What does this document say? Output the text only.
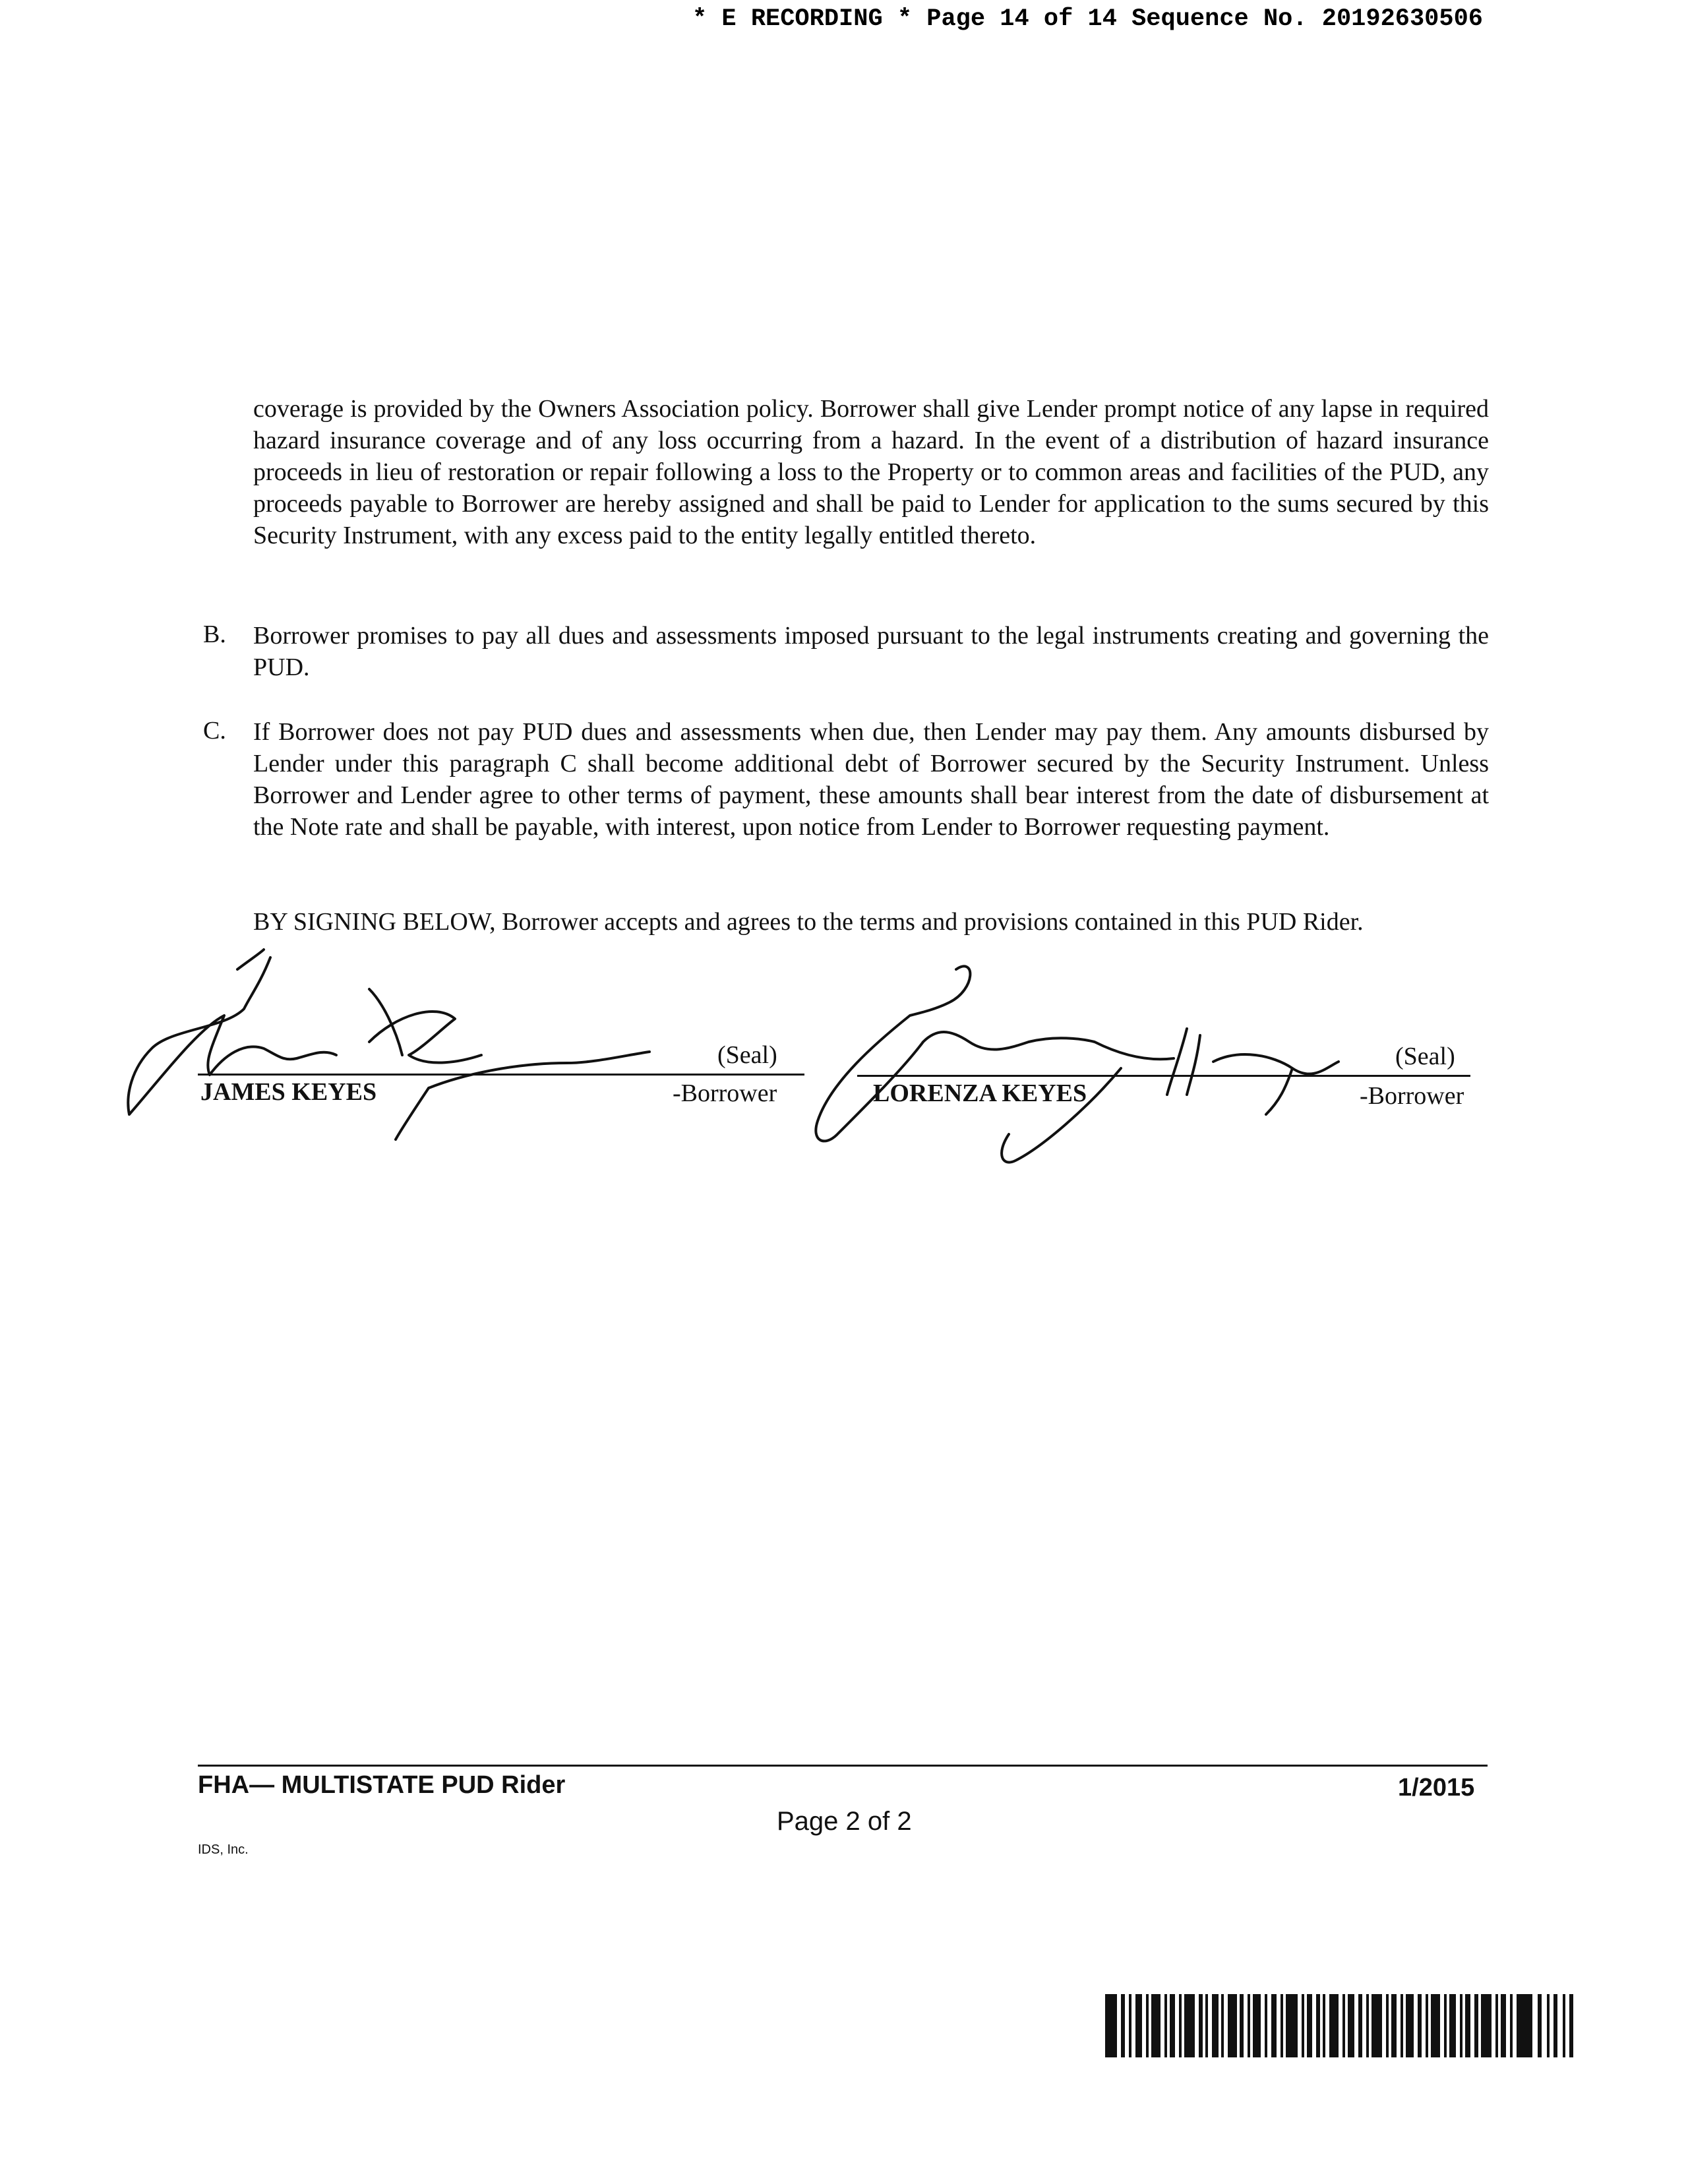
* E RECORDING * Page 14 of 14 Sequence No. 20192630506
coverage is provided by the Owners Association policy. Borrower shall give Lender prompt notice of any lapse in required hazard insurance coverage and of any loss occurring from a hazard. In the event of a distribution of hazard insurance proceeds in lieu of restoration or repair following a loss to the Property or to common areas and facilities of the PUD, any proceeds payable to Borrower are hereby assigned and shall be paid to Lender for application to the sums secured by this Security Instrument, with any excess paid to the entity legally entitled thereto.
B. Borrower promises to pay all dues and assessments imposed pursuant to the legal instruments creating and governing the PUD.
C. If Borrower does not pay PUD dues and assessments when due, then Lender may pay them. Any amounts disbursed by Lender under this paragraph C shall become additional debt of Borrower secured by the Security Instrument. Unless Borrower and Lender agree to other terms of payment, these amounts shall bear interest from the date of disbursement at the Note rate and shall be payable, with interest, upon notice from Lender to Borrower requesting payment.
BY SIGNING BELOW, Borrower accepts and agrees to the terms and provisions contained in this PUD Rider.
(Seal)
JAMES KEYES	-Borrower
(Seal)
LORENZA KEYES	-Borrower
FHA— MULTISTATE PUD Rider	1/2015
Page 2 of 2
IDS, Inc.
